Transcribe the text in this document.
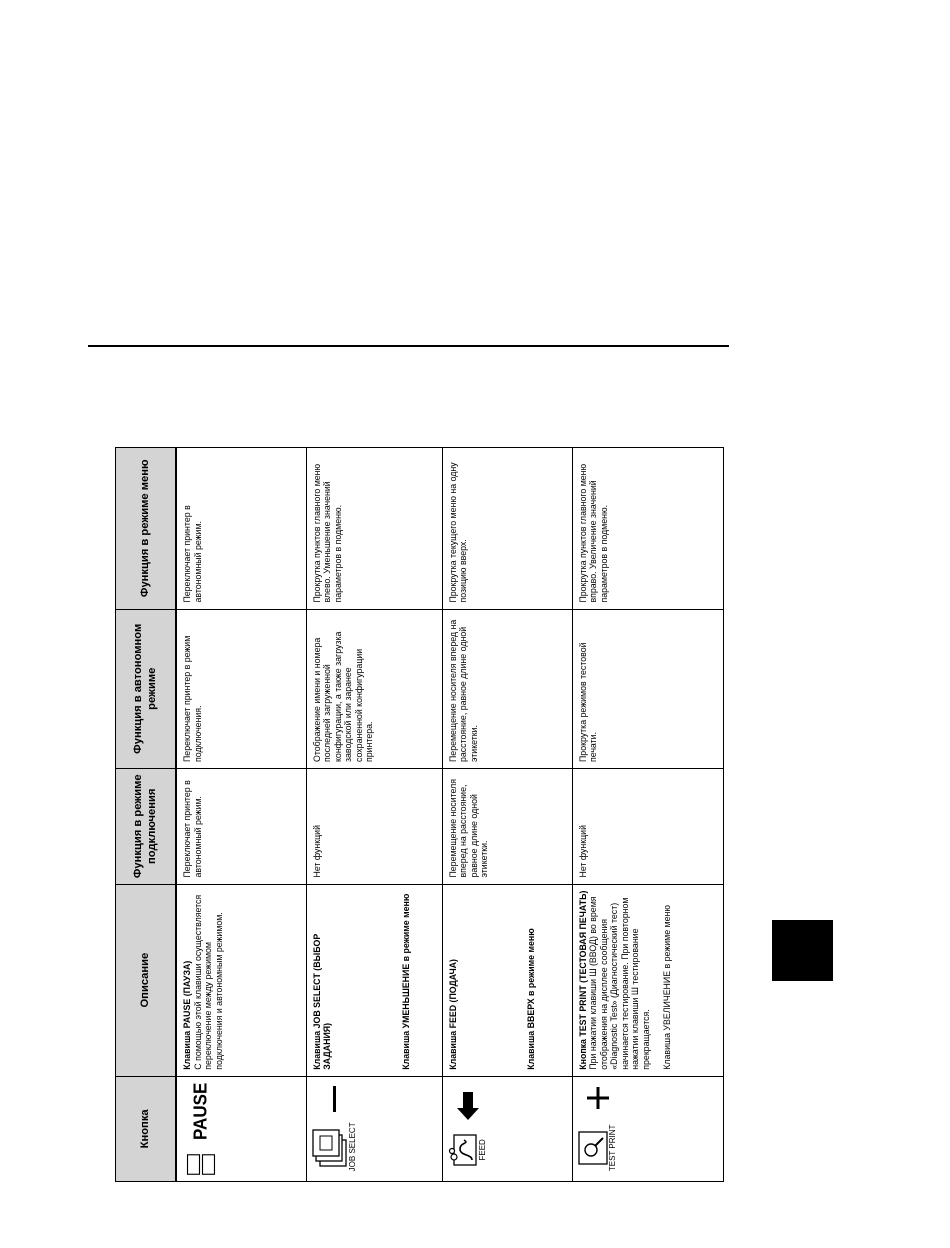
Кнопка	Описание	Функция в режиме подключения	Функция в автономном режиме	Функция в режиме меню

PAUSE	Клавиша PAUSE (ПАУЗА) С помощью этой клавиши осуществляется переключение между режимом подключения и автономным режимом.	Переключает принтер в автономный режим.	Переключает принтер в режим подключения.	Переключает принтер в автономный режим.

JOB SELECT	Клавиша JOB SELECT (ВЫБОР ЗАДАНИЯ) Клавиша УМЕНЬШЕНИЕ в режиме меню	Нет функций	Отображение имени и номера последней загруженной конфигурации, а также загрузка заводской или заранее сохраненной конфигурации принтера.	Прокрутка пунктов главного меню влево. Уменьшение значений параметров в подменю.

FEED	Клавиша FEED (ПОДАЧА) Клавиша ВВЕРХ в режиме меню	Перемещение носителя вперед на расстояние, равное длине одной этикетки.	Перемещение носителя вперед на расстояние, равное длине одной этикетки.	Прокрутка текущего меню на одну позицию вверх.

TEST PRINT	Кнопка TEST PRINT (ТЕСТОВАЯ ПЕЧАТЬ) При нажатии клавиши Ш (ВВОД) во время отображения на дисплее сообщения «Diagnostic Test» (Диагностический тест) начинается тестирование. При повторном нажатии клавиши Ш тестирование прекращается. Клавиша УВЕЛИЧЕНИЕ в режиме меню	Нет функций	Прокрутка режимов тестовой печати.	Прокрутка пунктов главного меню вправо. Увеличение значений параметров в подменю.
